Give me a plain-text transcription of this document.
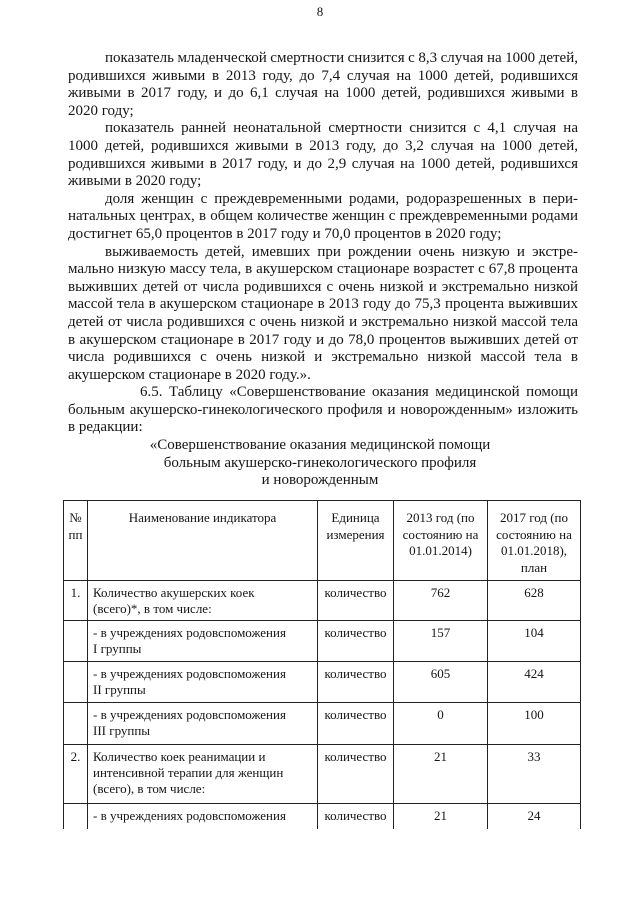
8
показатель младенческой смертности снизится с 8,3 случая на 1000 детей,
родившихся живыми в 2013 году, до 7,4 случая на 1000 детей, родившихся
живыми в 2017 году, и до 6,1 случая на 1000 детей, родившихся живыми в
2020 году;
показатель ранней неонатальной смертности снизится с 4,1 случая на
1000 детей, родившихся живыми в 2013 году, до 3,2 случая на 1000 детей,
родившихся живыми в 2017 году, и до 2,9 случая на 1000 детей, родившихся
живыми в 2020 году;
доля женщин с преждевременными родами, родоразрешенных в пери-
натальных центрах, в общем количестве женщин с преждевременными родами
достигнет 65,0 процентов в 2017 году и 70,0 процентов в 2020 году;
выживаемость детей, имевших при рождении очень низкую и экстре-
мально низкую массу тела, в акушерском стационаре возрастет с 67,8 процента
выживших детей от числа родившихся с очень низкой и экстремально низкой
массой тела в акушерском стационаре в 2013 году до 75,3 процента выживших
детей от числа родившихся с очень низкой и экстремально низкой массой тела
в акушерском стационаре в 2017 году и до 78,0 процентов выживших детей от
числа родившихся с очень низкой и экстремально низкой массой тела в
акушерском стационаре в 2020 году.».
6.5. Таблицу «Совершенствование оказания медицинской помощи
больным акушерско-гинекологического профиля и новорожденным» изложить
в редакции:
«Совершенствование оказания медицинской помощи
больным акушерско-гинекологического профиля
и новорожденным
№
пп	Наименование индикатора	Единица
измерения	2013 год (по
состоянию на
01.01.2014)	2017 год (по
состоянию на
01.01.2018),
план
1.	Количество акушерских коек
(всего)*, в том числе:	количество	762	628
	- в учреждениях родовспоможения
I группы	количество	157	104
	- в учреждениях родовспоможения
II группы	количество	605	424
	- в учреждениях родовспоможения
III группы	количество	0	100
2.	Количество коек реанимации и
интенсивной терапии для женщин
(всего), в том числе:	количество	21	33
	- в учреждениях родовспоможения	количество	21	24
